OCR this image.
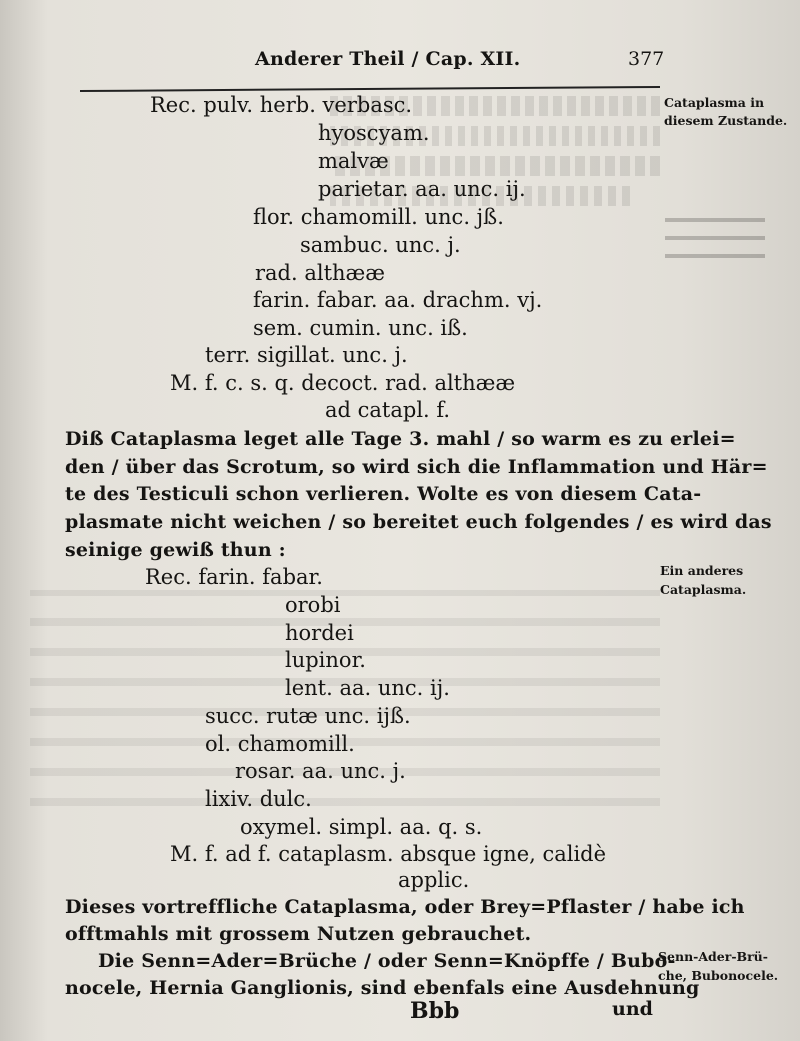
Anderer Theil / Cap. XII.	377
Rec. pulv. herb. verbasc.
hyoscyam.
malvæ
parietar. aa. unc. ij.
flor. chamomill. unc. jß.
sambuc. unc. j.
rad. althææ
farin. fabar. aa. drachm. vj.
sem. cumin. unc. iß.
terr. sigillat. unc. j.
M. f. c. s. q. decoct. rad. althææ
ad catapl. f.
Diß Cataplasma leget alle Tage 3. mahl / so warm es zu erlei=
den / über das Scrotum, so wird sich die Inflammation und Här=
te des Testiculi schon verlieren. Wolte es von diesem Cata-
plasmate nicht weichen / so bereitet euch folgendes / es wird das
seinige gewiß thun :
Rec. farin. fabar.
orobi
hordei
lupinor.
lent. aa. unc. ij.
succ. rutæ unc. ijß.
ol. chamomill.
rosar. aa. unc. j.
lixiv. dulc.
oxymel. simpl. aa. q. s.
M. f. ad f. cataplasm. absque igne, calidè
applic.
Dieses vortreffliche Cataplasma, oder Brey=Pflaster / habe ich
offtmahls mit grossem Nutzen gebrauchet.
Die Senn=Ader=Brüche / oder Senn=Knöpffe / Bubo-
nocele, Hernia Ganglionis, sind ebenfals eine Ausdehnung
Bbb	und
Cataplasma in
diesem Zustande.
Ein anderes
Cataplasma.
Senn-Ader-Brü-
che, Bubonocele.
